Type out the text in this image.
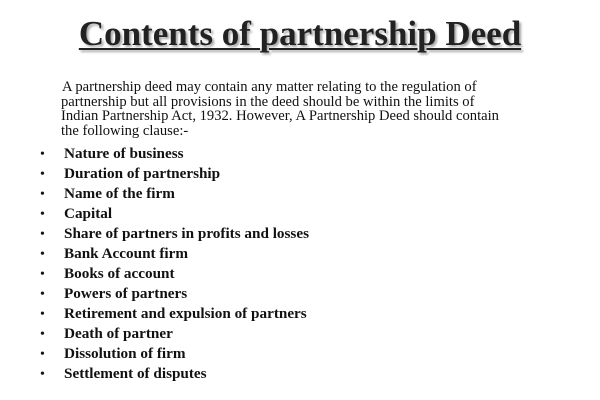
Contents of partnership Deed
A partnership deed may contain any matter relating to the regulation of
partnership but all provisions in the deed should be within the limits of
Indian Partnership Act, 1932. However, A Partnership Deed should contain
the following clause:-
•	Nature of business
•	Duration of partnership
•	Name of the firm
•	Capital
•	Share of partners in profits and losses
•	Bank Account firm
•	Books of account
•	Powers of partners
•	Retirement and expulsion of partners
•	Death of partner
•	Dissolution of firm
•	Settlement of disputes
